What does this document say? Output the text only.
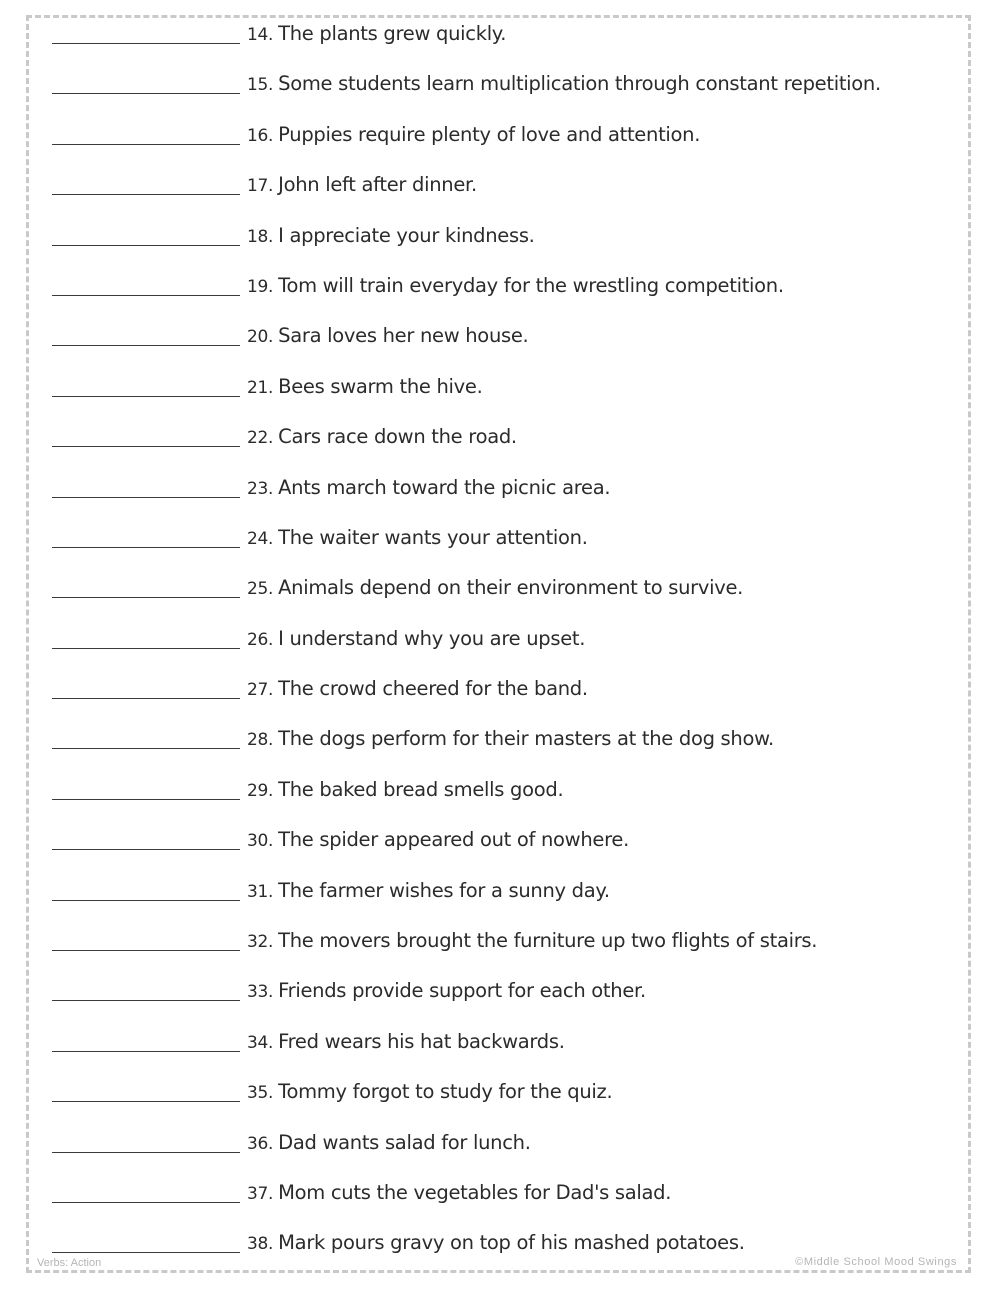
14. The plants grew quickly.
15. Some students learn multiplication through constant repetition.
16. Puppies require plenty of love and attention.
17. John left after dinner.
18. I appreciate your kindness.
19. Tom will train everyday for the wrestling competition.
20. Sara loves her new house.
21. Bees swarm the hive.
22. Cars race down the road.
23. Ants march toward the picnic area.
24. The waiter wants your attention.
25. Animals depend on their environment to survive.
26. I understand why you are upset.
27. The crowd cheered for the band.
28. The dogs perform for their masters at the dog show.
29. The baked bread smells good.
30. The spider appeared out of nowhere.
31. The farmer wishes for a sunny day.
32. The movers brought the furniture up two flights of stairs.
33. Friends provide support for each other.
34. Fred wears his hat backwards.
35. Tommy forgot to study for the quiz.
36. Dad wants salad for lunch.
37. Mom cuts the vegetables for Dad's salad.
38. Mark pours gravy on top of his mashed potatoes.
Verbs: Action	©Middle School Mood Swings
